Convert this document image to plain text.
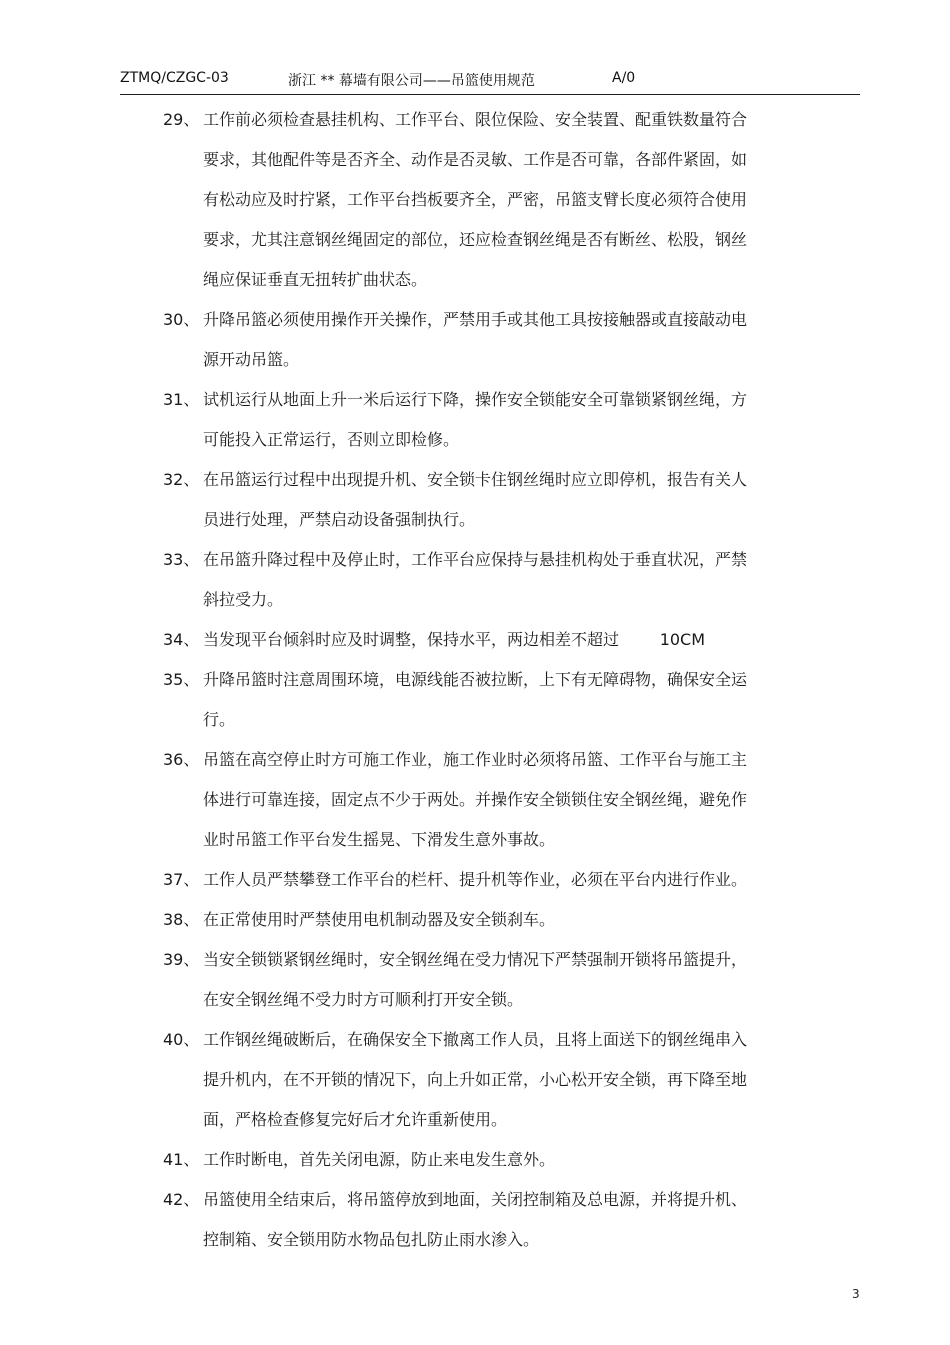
ZTMQ/CZGC-03	浙江 ** 幕墙有限公司——吊篮使用规范	A/0
29、 工作前必须检查悬挂机构、工作平台、限位保险、安全装置、配重铁数量符合
要求，其他配件等是否齐全、动作是否灵敏、工作是否可靠，各部件紧固，如
有松动应及时拧紧，工作平台挡板要齐全，严密，吊篮支臂长度必须符合使用
要求，尤其注意钢丝绳固定的部位，还应检查钢丝绳是否有断丝、松股，钢丝
绳应保证垂直无扭转扩曲状态。
30、 升降吊篮必须使用操作开关操作，严禁用手或其他工具按接触器或直接敲动电
源开动吊篮。
31、 试机运行从地面上升一米后运行下降，操作安全锁能安全可靠锁紧钢丝绳，方
可能投入正常运行，否则立即检修。
32、 在吊篮运行过程中出现提升机、安全锁卡住钢丝绳时应立即停机，报告有关人
员进行处理，严禁启动设备强制执行。
33、 在吊篮升降过程中及停止时，工作平台应保持与悬挂机构处于垂直状况，严禁
斜拉受力。
34、 当发现平台倾斜时应及时调整，保持水平，两边相差不超过        10CM
35、 升降吊篮时注意周围环境，电源线能否被拉断，上下有无障碍物，确保安全运
行。
36、 吊篮在高空停止时方可施工作业，施工作业时必须将吊篮、工作平台与施工主
体进行可靠连接，固定点不少于两处。并操作安全锁锁住安全钢丝绳，避免作
业时吊篮工作平台发生摇晃、下滑发生意外事故。
37、 工作人员严禁攀登工作平台的栏杆、提升机等作业，必须在平台内进行作业。
38、 在正常使用时严禁使用电机制动器及安全锁刹车。
39、 当安全锁锁紧钢丝绳时，安全钢丝绳在受力情况下严禁强制开锁将吊篮提升，
在安全钢丝绳不受力时方可顺利打开安全锁。
40、 工作钢丝绳破断后，在确保安全下撤离工作人员，且将上面送下的钢丝绳串入
提升机内，在不开锁的情况下，向上升如正常，小心松开安全锁，再下降至地
面，严格检查修复完好后才允许重新使用。
41、 工作时断电，首先关闭电源，防止来电发生意外。
42、 吊篮使用全结束后，将吊篮停放到地面，关闭控制箱及总电源，并将提升机、
控制箱、安全锁用防水物品包扎防止雨水渗入。
3
